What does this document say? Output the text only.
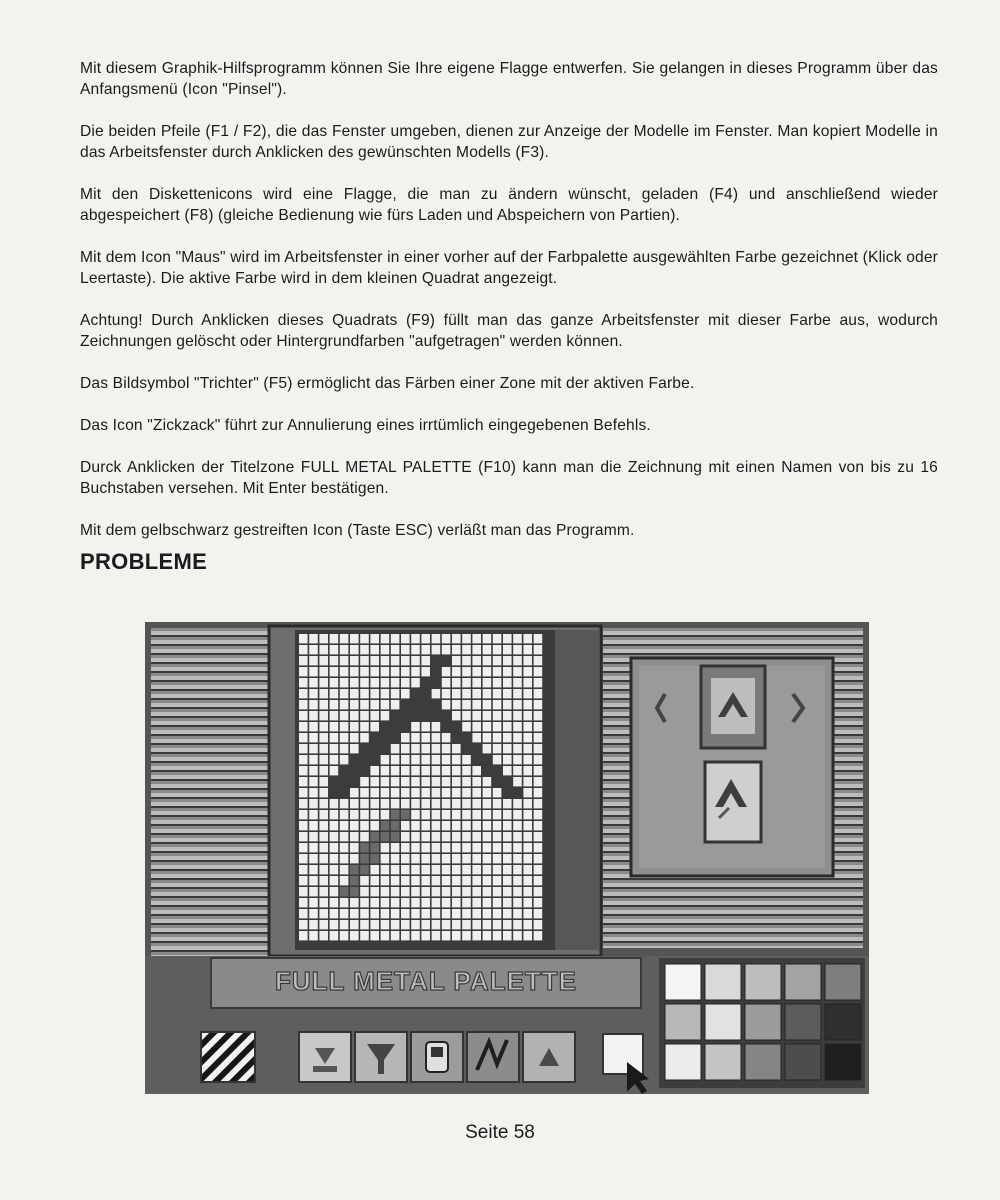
Mit diesem Graphik-Hilfsprogramm können Sie Ihre eigene Flagge entwerfen. Sie gelangen in dieses Programm über das Anfangsmenü (Icon "Pinsel").

Die beiden Pfeile (F1 / F2), die das Fenster umgeben, dienen zur Anzeige der Modelle im Fenster. Man kopiert Modelle in das Arbeitsfenster durch Anklicken des gewünschten Modells (F3).

Mit den Diskettenicons wird eine Flagge, die man zu ändern wünscht, geladen (F4) und anschließend wieder abgespeichert (F8) (gleiche Bedienung wie fürs Laden und Abspeichern von Partien).

Mit dem Icon "Maus" wird im Arbeitsfenster in einer vorher auf der Farbpalette ausgewählten Farbe gezeichnet (Klick oder Leertaste). Die aktive Farbe wird in dem kleinen Quadrat angezeigt.

Achtung! Durch Anklicken dieses Quadrats (F9) füllt man das ganze Arbeitsfenster mit dieser Farbe aus, wodurch Zeichnungen gelöscht oder Hintergrundfarben "aufgetragen" werden können.

Das Bildsymbol "Trichter" (F5) ermöglicht das Färben einer Zone mit der aktiven Farbe.

Das Icon "Zickzack" führt zur Annulierung eines irrtümlich eingegebenen Befehls.

Durck Anklicken der Titelzone FULL METAL PALETTE (F10) kann man die Zeichnung mit einen Namen von bis zu 16 Buchstaben versehen. Mit Enter bestätigen.

Mit dem gelbschwarz gestreiften Icon (Taste ESC) verläßt man das Programm.

PROBLEME
FULL METAL PALETTE
Seite 58
